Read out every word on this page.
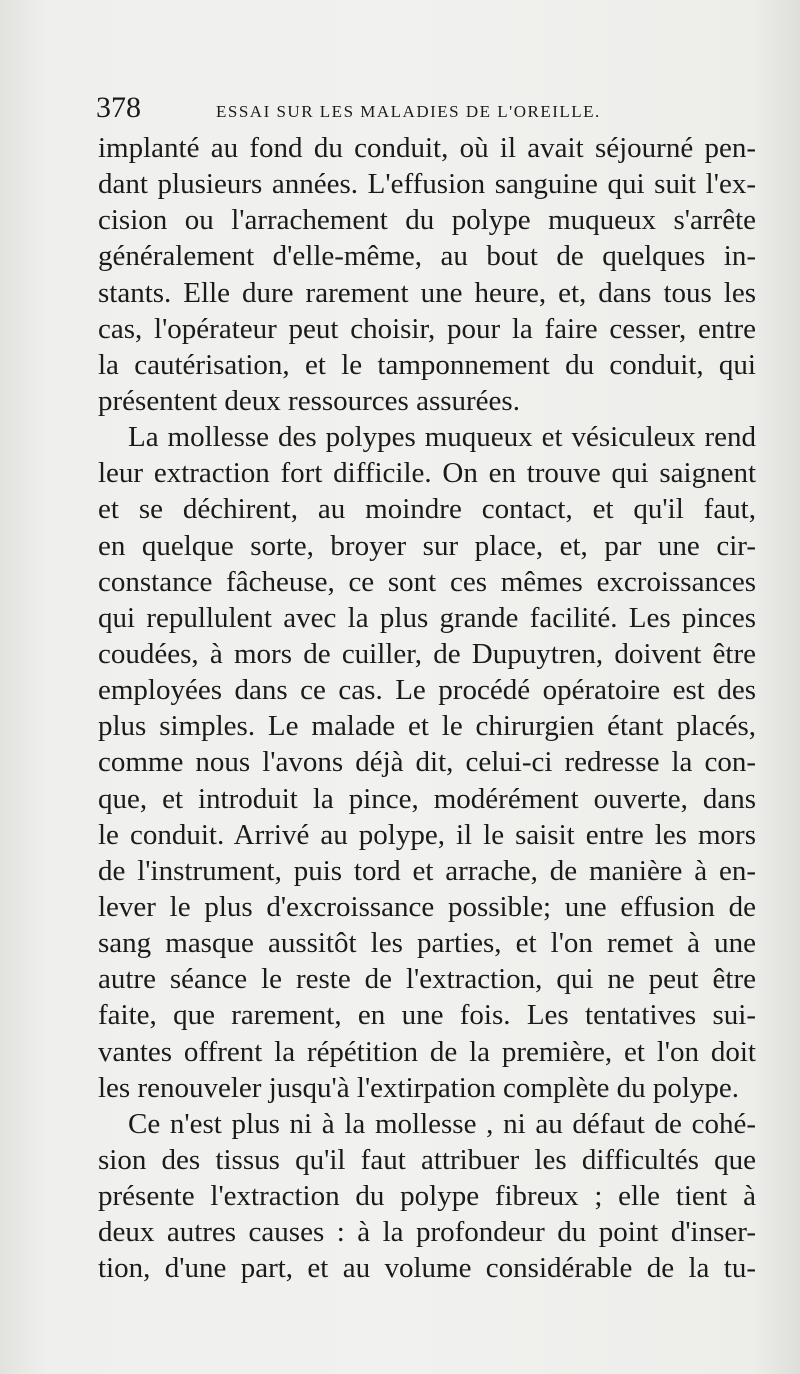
378	ESSAI SUR LES MALADIES DE L'OREILLE.
implanté au fond du conduit, où il avait séjourné pen-
dant plusieurs années. L'effusion sanguine qui suit l'ex-
cision ou l'arrachement du polype muqueux s'arrête
généralement d'elle-même, au bout de quelques in-
stants. Elle dure rarement une heure, et, dans tous les
cas, l'opérateur peut choisir, pour la faire cesser, entre
la cautérisation, et le tamponnement du conduit, qui
présentent deux ressources assurées.
La mollesse des polypes muqueux et vésiculeux rend
leur extraction fort difficile. On en trouve qui saignent
et se déchirent, au moindre contact, et qu'il faut,
en quelque sorte, broyer sur place, et, par une cir-
constance fâcheuse, ce sont ces mêmes excroissances
qui repullulent avec la plus grande facilité. Les pinces
coudées, à mors de cuiller, de Dupuytren, doivent être
employées dans ce cas. Le procédé opératoire est des
plus simples. Le malade et le chirurgien étant placés,
comme nous l'avons déjà dit, celui-ci redresse la con-
que, et introduit la pince, modérément ouverte, dans
le conduit. Arrivé au polype, il le saisit entre les mors
de l'instrument, puis tord et arrache, de manière à en-
lever le plus d'excroissance possible; une effusion de
sang masque aussitôt les parties, et l'on remet à une
autre séance le reste de l'extraction, qui ne peut être
faite, que rarement, en une fois. Les tentatives sui-
vantes offrent la répétition de la première, et l'on doit
les renouveler jusqu'à l'extirpation complète du polype.
Ce n'est plus ni à la mollesse , ni au défaut de cohé-
sion des tissus qu'il faut attribuer les difficultés que
présente l'extraction du polype fibreux ; elle tient à
deux autres causes : à la profondeur du point d'inser-
tion, d'une part, et au volume considérable de la tu-
